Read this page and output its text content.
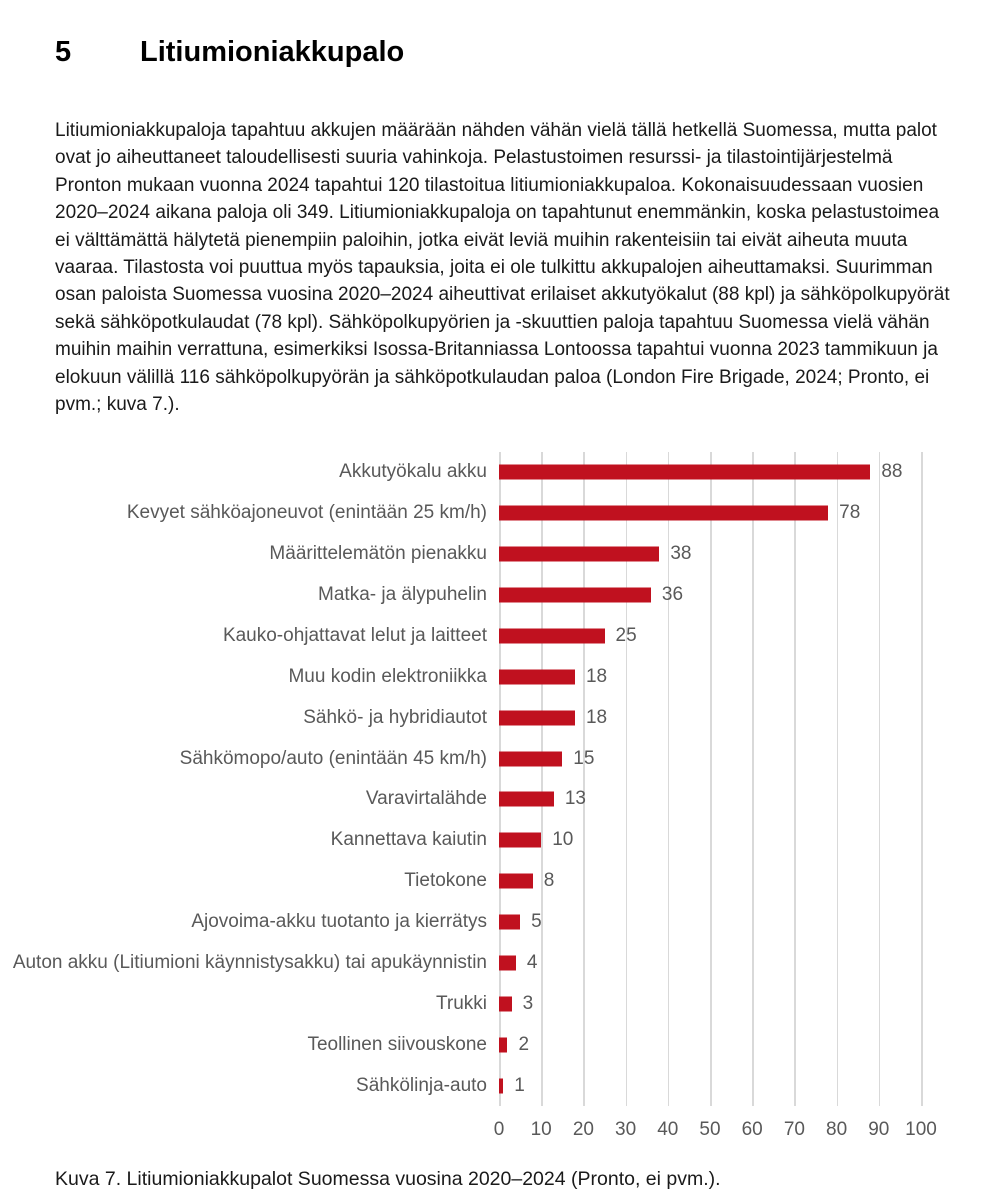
5	Litiumioniakkupalo
Litiumioniakkupaloja tapahtuu akkujen määrään nähden vähän vielä tällä hetkellä Suomessa, mutta palot ovat jo aiheuttaneet taloudellisesti suuria vahinkoja. Pelastustoimen resurssi- ja tilastointijärjestelmä Pronton mukaan vuonna 2024 tapahtui 120 tilastoitua litiumioniakkupaloa. Kokonaisuudessaan vuosien 2020–2024 aikana paloja oli 349. Litiumioniakkupaloja on tapahtunut enemmänkin, koska pelastustoimea ei välttämättä hälytetä pienempiin paloihin, jotka eivät leviä muihin rakenteisiin tai eivät aiheuta muuta vaaraa. Tilastosta voi puuttua myös tapauksia, joita ei ole tulkittu akkupalojen aiheuttamaksi. Suurimman osan paloista Suomessa vuosina 2020–2024 aiheuttivat erilaiset akkutyökalut (88 kpl) ja sähköpolkupyörät sekä sähköpotkulaudat (78 kpl). Sähköpolkupyörien ja -skuuttien paloja tapahtuu Suomessa vielä vähän muihin maihin verrattuna, esimerkiksi Isossa-Britanniassa Lontoossa tapahtui vuonna 2023 tammikuun ja elokuun välillä 116 sähköpolkupyörän ja sähköpotkulaudan paloa (London Fire Brigade, 2024; Pronto, ei pvm.; kuva 7.).
Akkutyökalu akku	88
Kevyet sähköajoneuvot (enintään 25 km/h)	78
Määrittelemätön pienakku	38
Matka- ja älypuhelin	36
Kauko-ohjattavat lelut ja laitteet	25
Muu kodin elektroniikka	18
Sähkö- ja hybridiautot	18
Sähkömopo/auto (enintään 45 km/h)	15
Varavirtalähde	13
Kannettava kaiutin	10
Tietokone	8
Ajovoima-akku tuotanto ja kierrätys 5
Auton akku (Litiumioni käynnistysakku) tai apukäynnistin 4
Trukki 3
Teollinen siivouskone 2
Sähkölinja-auto 1
0 10 20 30 40 50 60 70 80 90 100
Kuva 7. Litiumioniakkupalot Suomessa vuosina 2020–2024 (Pronto, ei pvm.).
